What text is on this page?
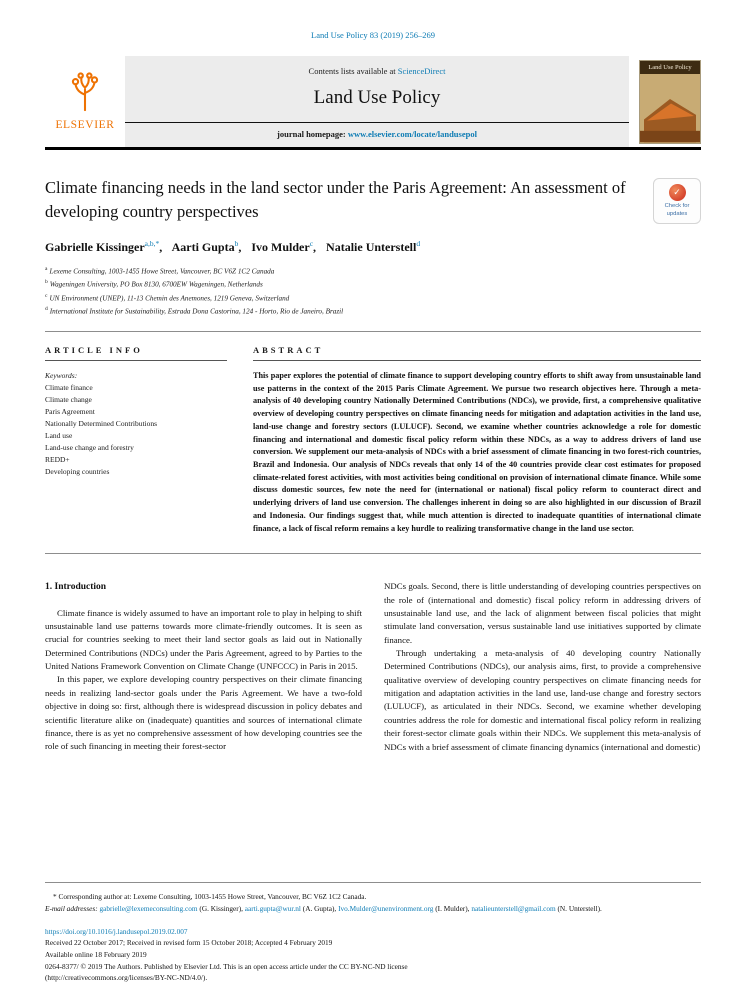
Land Use Policy 83 (2019) 256–269
ELSEVIER
Contents lists available at ScienceDirect
Land Use Policy
journal homepage: www.elsevier.com/locate/landusepol
Land Use Policy
Climate financing needs in the land sector under the Paris Agreement: An assessment of developing country perspectives
✓
Check for updates
Gabrielle Kissinger$^{a,b,*}$, Aarti Gupta$^b$, Ivo Mulder$^c$, Natalie Unterstell$^d$
$^a$ Lexeme Consulting, 1003-1455 Howe Street, Vancouver, BC V6Z 1C2 Canada
$^b$ Wageningen University, PO Box 8130, 6700EW Wageningen, Netherlands
$^c$ UN Environment (UNEP), 11-13 Chemin des Anemones, 1219 Geneva, Switzerland
$^d$ International Institute for Sustainability, Estrada Dona Castorina, 124 - Horto, Rio de Janeiro, Brazil
ARTICLE INFO
Keywords:
Climate finance
Climate change
Paris Agreement
Nationally Determined Contributions
Land use
Land-use change and forestry
REDD+
Developing countries
ABSTRACT
This paper explores the potential of climate finance to support developing country efforts to shift away from unsustainable land use patterns in the context of the 2015 Paris Climate Agreement. We pursue two research objectives here. Through a meta-analysis of 40 developing country Nationally Determined Contributions (NDCs), we provide, first, a comprehensive qualitative overview of developing country perspectives on climate financing needs for mitigation and adaptation activities in the land use, land-use change and forestry sectors (LULUCF). Second, we examine whether countries acknowledge a role for domestic financing and international and domestic fiscal policy reform within these NDCs, as a way to address drivers of land use conversion. We supplement our meta-analysis of NDCs with a brief assessment of climate financing in two forest-rich countries, Brazil and Indonesia. Our analysis of NDCs reveals that only 14 of the 40 countries provide clear cost estimates for proposed climate-related forest activities, with most activities being conditional on provision of international climate finance. While some discuss domestic sources, few note the need for (international or national) fiscal policy reform to counteract direct and underlying drivers of land use conversion. The challenges inherent in doing so are also highlighted in our discussion of Brazil and Indonesia. Our findings suggest that, while much attention is directed to inadequate quantities of international climate finance, a lack of fiscal reform remains a key hurdle to realizing transformative change in the land use sector.
1. Introduction

Climate finance is widely assumed to have an important role to play in helping to shift unsustainable land use patterns towards more climate-friendly outcomes. It is seen as crucial for countries seeking to meet their land sector goals as laid out in Nationally Determined Contributions (NDCs) under the Paris Agreement, agreed to by Parties to the United Nations Framework Convention on Climate Change (UNFCCC) in Paris in 2015.

In this paper, we explore developing country perspectives on their climate financing needs in realizing land-sector goals under the Paris Agreement. We have a two-fold objective in doing so: first, although there is widespread discussion in policy debates and scientific literature alike on (inadequate) quantities and sources of international climate finance, there is as yet no comprehensive assessment of how developing countries see the role of such financing in meeting their forest-sector

NDCs goals. Second, there is little understanding of developing countries perspectives on the role of (international and domestic) fiscal policy reform in addressing drivers of unsustainable land use, and the lack of alignment between fiscal policies that might stimulate land conversation, versus sustainable land use initiatives supported by climate finance.

Through undertaking a meta-analysis of 40 developing country Nationally Determined Contributions (NDCs), our analysis aims, first, to provide a comprehensive qualitative overview of developing country perspectives on climate financing needs for mitigation and adaptation activities in the land use, land-use change and forestry sectors (LULUCF), as articulated in their NDCs. Second, we examine whether developing countries address the role for domestic and international fiscal policy reform in realizing their forest-sector climate goals within their NDCs. We supplement this meta-analysis of NDCs with a brief assessment of climate financing dynamics (international and domestic)

* Corresponding author at: Lexeme Consulting, 1003-1455 Howe Street, Vancouver, BC V6Z 1C2 Canada.
E-mail addresses: gabrielle@lexemeconsulting.com (G. Kissinger), aarti.gupta@wur.nl (A. Gupta), Ivo.Mulder@unenvironment.org (I. Mulder), natalieunterstell@gmail.com (N. Unterstell).
https://doi.org/10.1016/j.landusepol.2019.02.007
Received 22 October 2017; Received in revised form 15 October 2018; Accepted 4 February 2019
Available online 18 February 2019
0264-8377/ © 2019 The Authors. Published by Elsevier Ltd. This is an open access article under the CC BY-NC-ND license
(http://creativecommons.org/licenses/BY-NC-ND/4.0/).
